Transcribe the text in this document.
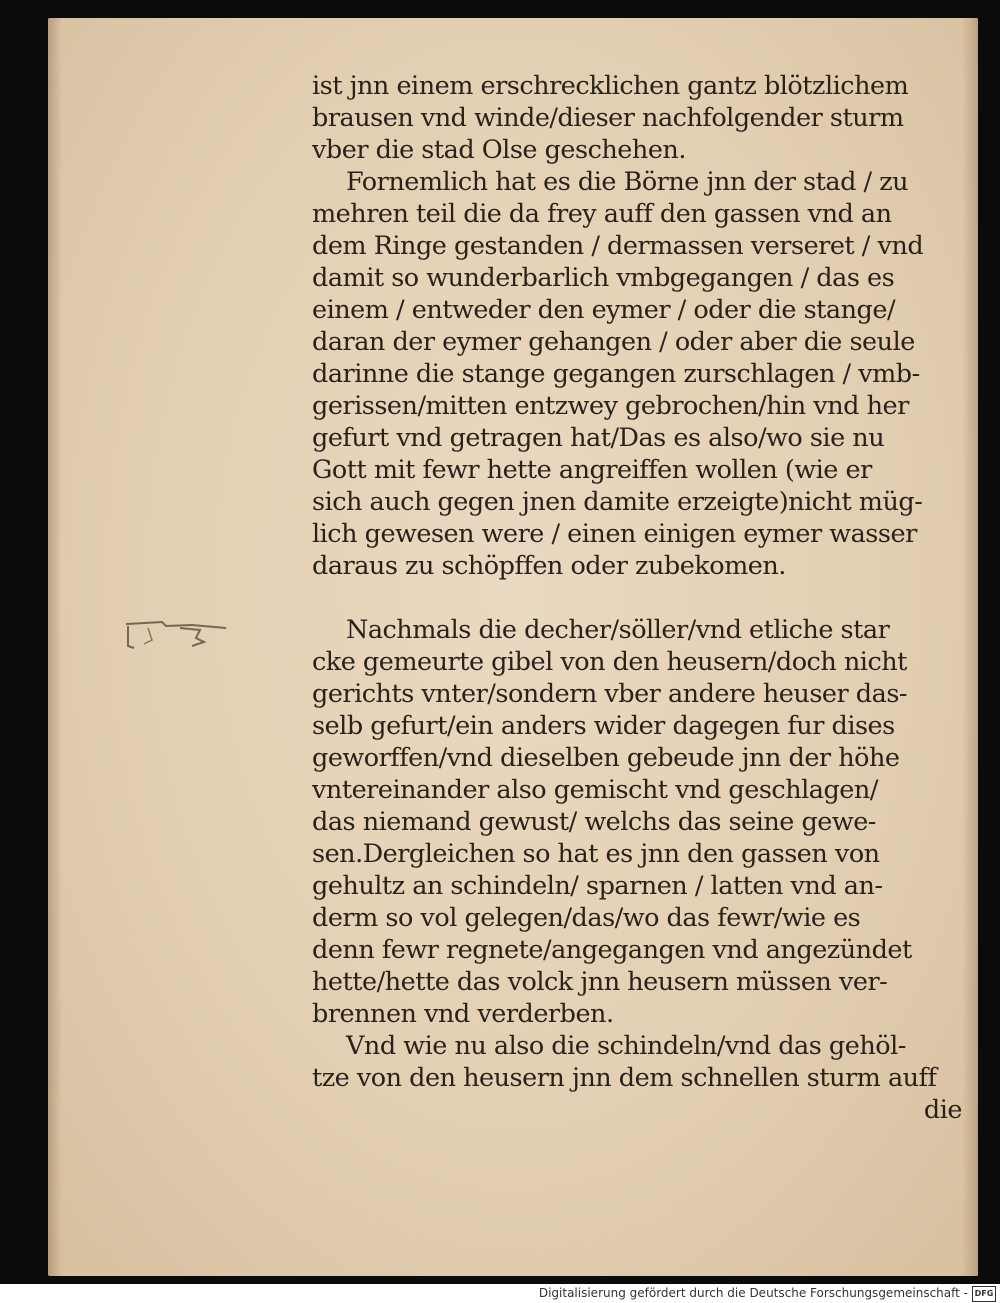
ist jnn einem erschrecklichen gantz blötzlichem
brausen vnd winde/dieser nachfolgender sturm
vber die stad Olse geschehen.
Fornemlich hat es die Börne jnn der stad / zu
mehren teil die da frey auff den gassen vnd an
dem Ringe gestanden / dermassen verseret / vnd
damit so wunderbarlich vmbgegangen / das es
einem / entweder den eymer / oder die stange/
daran der eymer gehangen / oder aber die seule
darinne die stange gegangen zurschlagen / vmb-
gerissen/mitten entzwey gebrochen/hin vnd her
gefurt vnd getragen hat/Das es also/wo sie nu
Gott mit fewr hette angreiffen wollen (wie er
sich auch gegen jnen damite erzeigte)nicht müg-
lich gewesen were / einen einigen eymer wasser
daraus zu schöpffen oder zubekomen.
Nachmals die decher/söller/vnd etliche star
cke gemeurte gibel von den heusern/doch nicht
gerichts vnter/sondern vber andere heuser das-
selb gefurt/ein anders wider dagegen fur dises
geworffen/vnd dieselben gebeude jnn der höhe
vntereinander also gemischt vnd geschlagen/
das niemand gewust/ welchs das seine gewe-
sen.Dergleichen so hat es jnn den gassen von
gehultz an schindeln/ sparnen / latten vnd an-
derm so vol gelegen/das/wo das fewr/wie es
denn fewr regnete/angegangen vnd angezündet
hette/hette das volck jnn heusern müssen ver-
brennen vnd verderben.
Vnd wie nu also die schindeln/vnd das gehöl-
tze von den heusern jnn dem schnellen sturm auff
die
Digitalisierung gefördert durch die Deutsche Forschungsgemeinschaft - DFG
